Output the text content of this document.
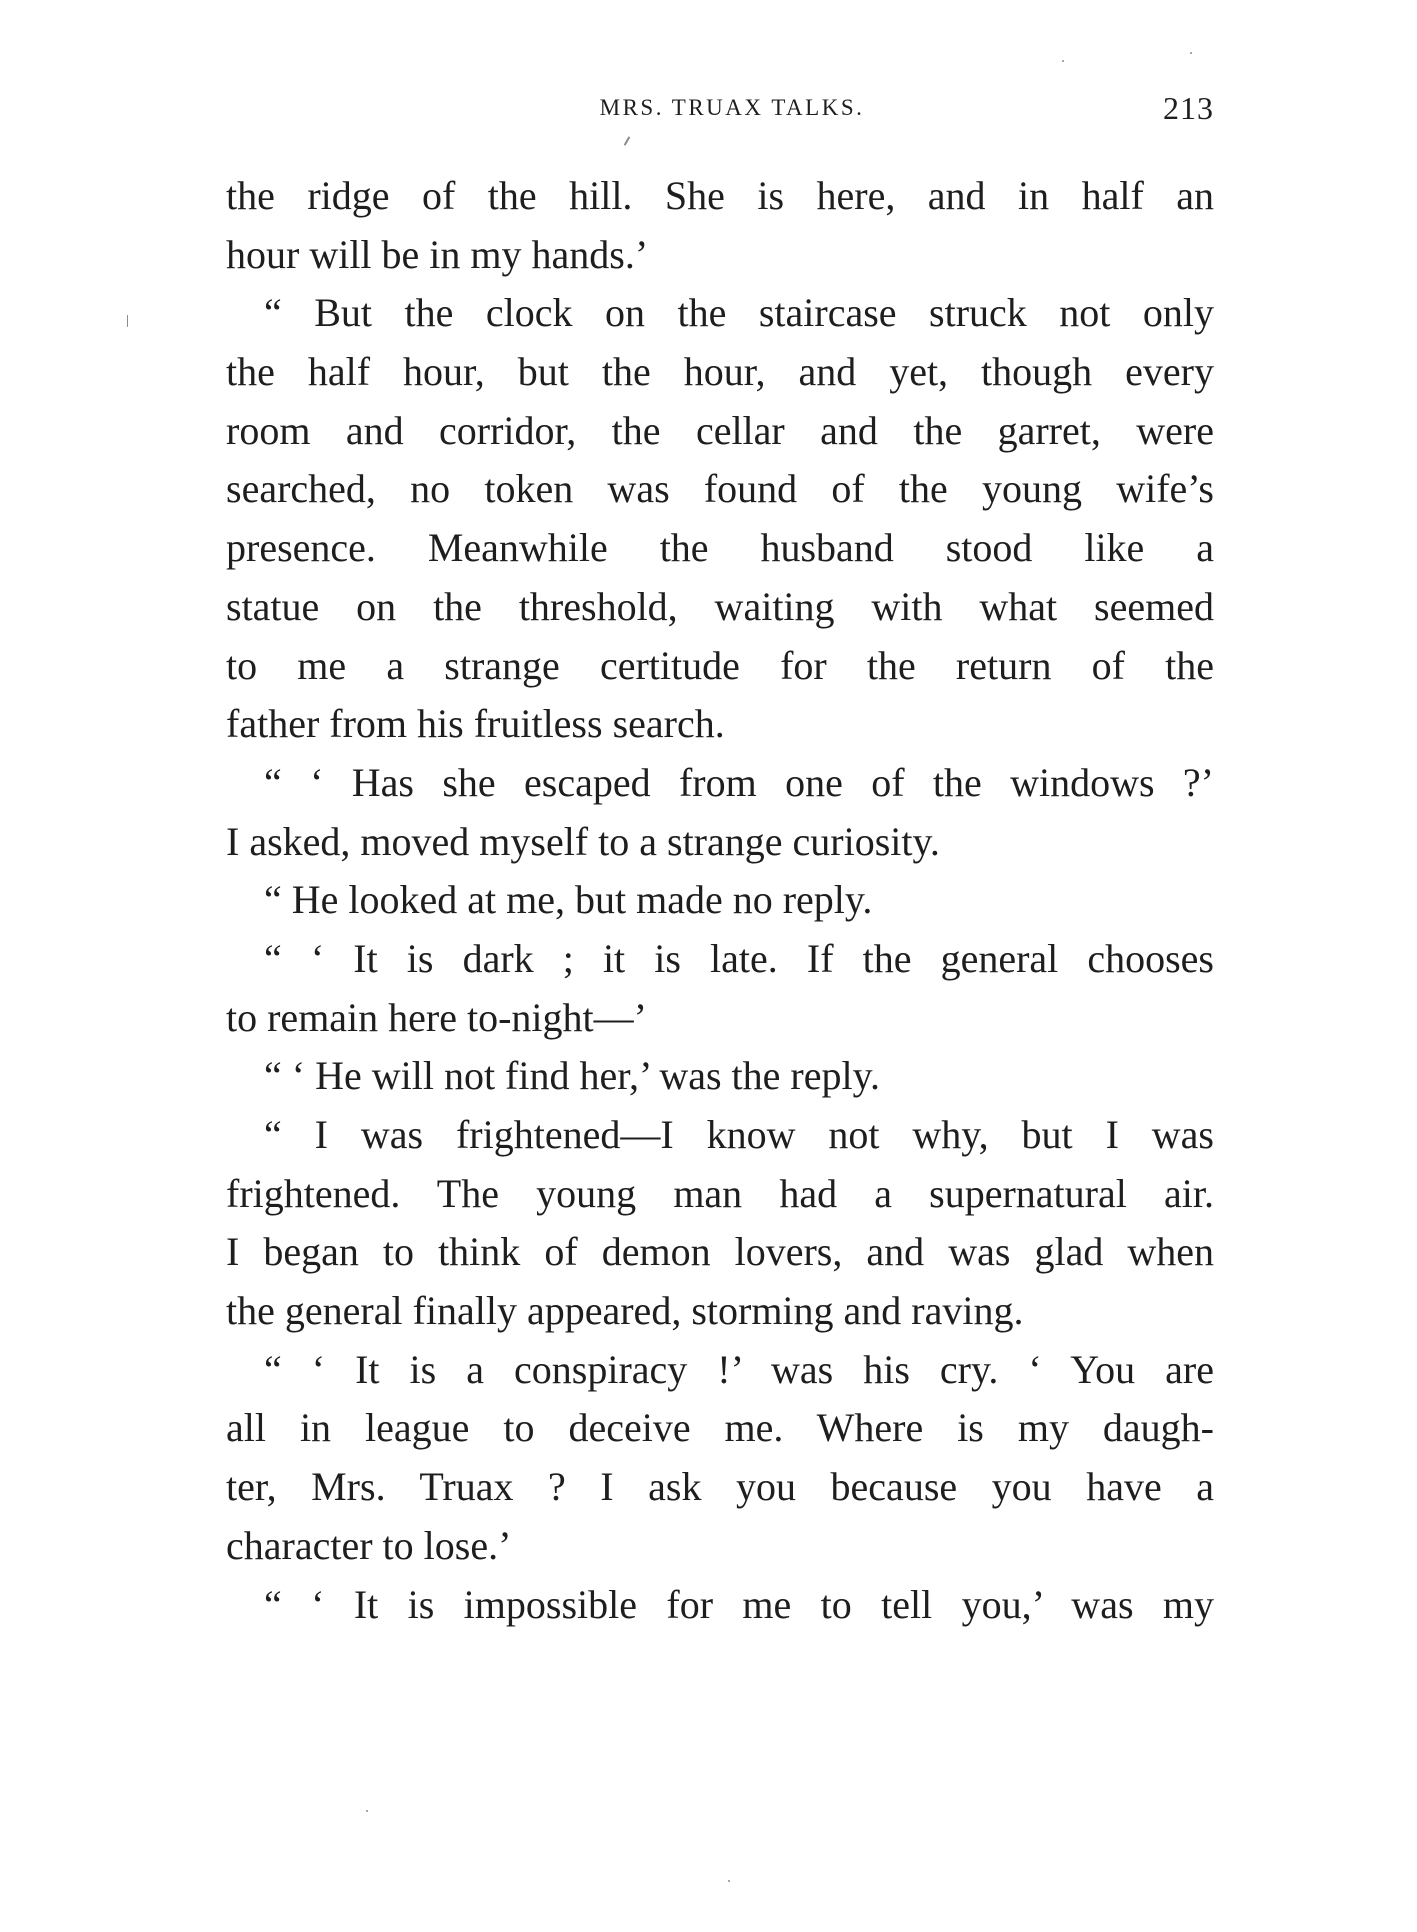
MRS. TRUAX TALKS.	213
the ridge of the hill. She is here, and in half an
hour will be in my hands.’
“ But the clock on the staircase struck not only
the half hour, but the hour, and yet, though every
room and corridor, the cellar and the garret, were
searched, no token was found of the young wife’s
presence. Meanwhile the husband stood like a
statue on the threshold, waiting with what seemed
to me a strange certitude for the return of the
father from his fruitless search.
“ ‘ Has she escaped from one of the windows ?’
I asked, moved myself to a strange curiosity.
“ He looked at me, but made no reply.
“ ‘ It is dark ; it is late. If the general chooses
to remain here to-night—’
“ ‘ He will not find her,’ was the reply.
“ I was frightened—I know not why, but I was
frightened. The young man had a supernatural air.
I began to think of demon lovers, and was glad when
the general finally appeared, storming and raving.
“ ‘ It is a conspiracy !’ was his cry. ‘ You are
all in league to deceive me. Where is my daugh-
ter, Mrs. Truax ? I ask you because you have a
character to lose.’
“ ‘ It is impossible for me to tell you,’ was my
